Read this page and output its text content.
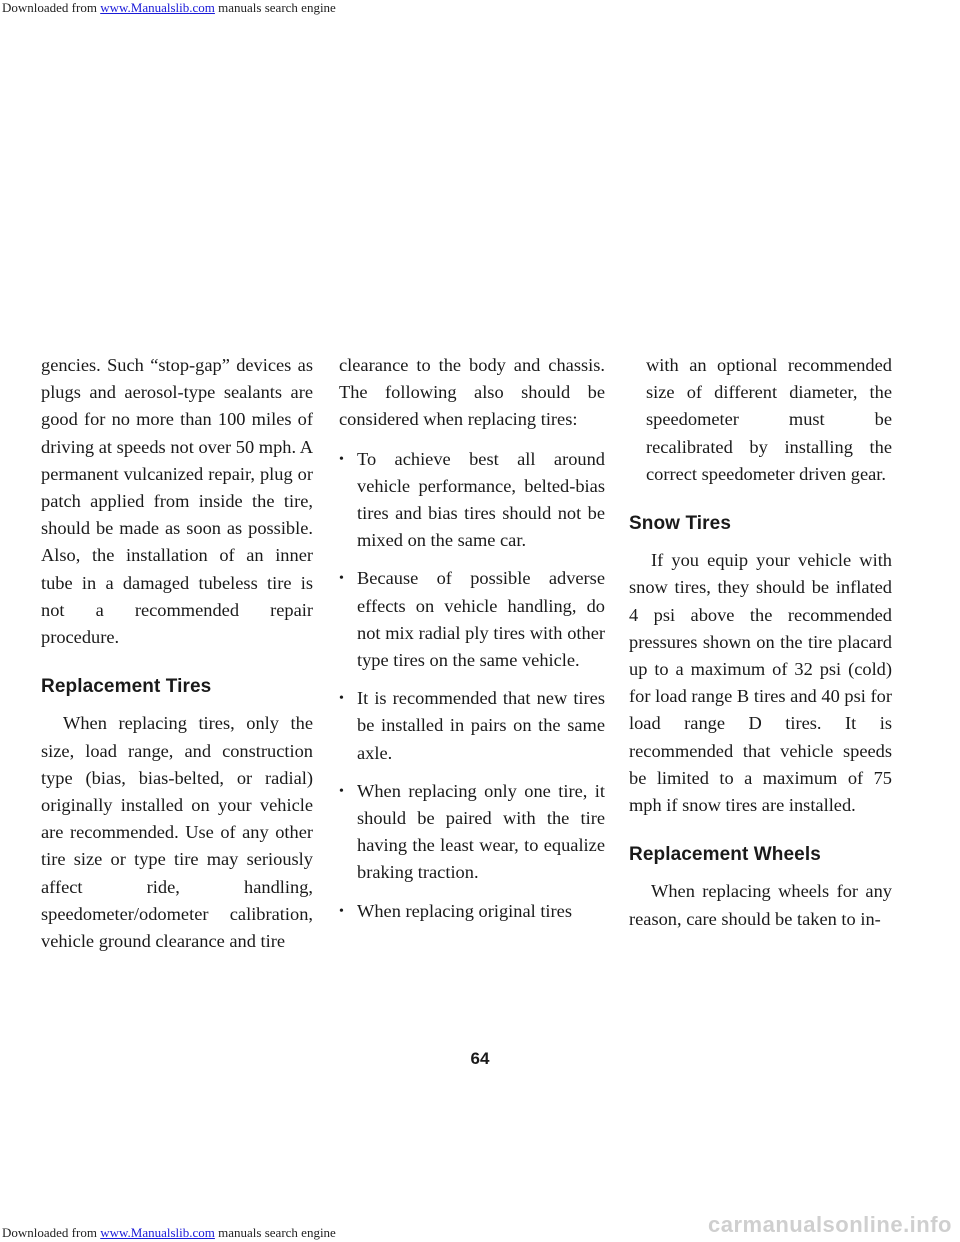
Downloaded from www.Manualslib.com manuals search engine

gencies. Such “stop-gap” devices as plugs and aerosol-type sealants are good for no more than 100 miles of driving at speeds not over 50 mph. A permanent vulcanized repair, plug or patch applied from inside the tire, should be made as soon as possible. Also, the installation of an inner tube in a damaged tubeless tire is not a recommended repair procedure.

Replacement Tires

When replacing tires, only the size, load range, and construction type (bias, bias-belted, or radial) originally installed on your vehicle are recommended. Use of any other tire size or type tire may seriously affect ride, handling, speedometer/odometer calibration, vehicle ground clearance and tire

clearance to the body and chassis. The following also should be considered when replacing tires:

• To achieve best all around vehicle performance, belted-bias tires and bias tires should not be mixed on the same car.
• Because of possible adverse effects on vehicle handling, do not mix radial ply tires with other type tires on the same vehicle.
• It is recommended that new tires be installed in pairs on the same axle.
• When replacing only one tire, it should be paired with the tire having the least wear, to equalize braking traction.
• When replacing original tires

with an optional recommended size of different diameter, the speedometer must be recalibrated by installing the correct speedometer driven gear.

Snow Tires

If you equip your vehicle with snow tires, they should be inflated 4 psi above the recommended pressures shown on the tire placard up to a maximum of 32 psi (cold) for load range B tires and 40 psi for load range D tires. It is recommended that vehicle speeds be limited to a maximum of 75 mph if snow tires are installed.

Replacement Wheels

When replacing wheels for any reason, care should be taken to in-

64
Downloaded from www.Manualslib.com manuals search engine	carmanualsonline.info
